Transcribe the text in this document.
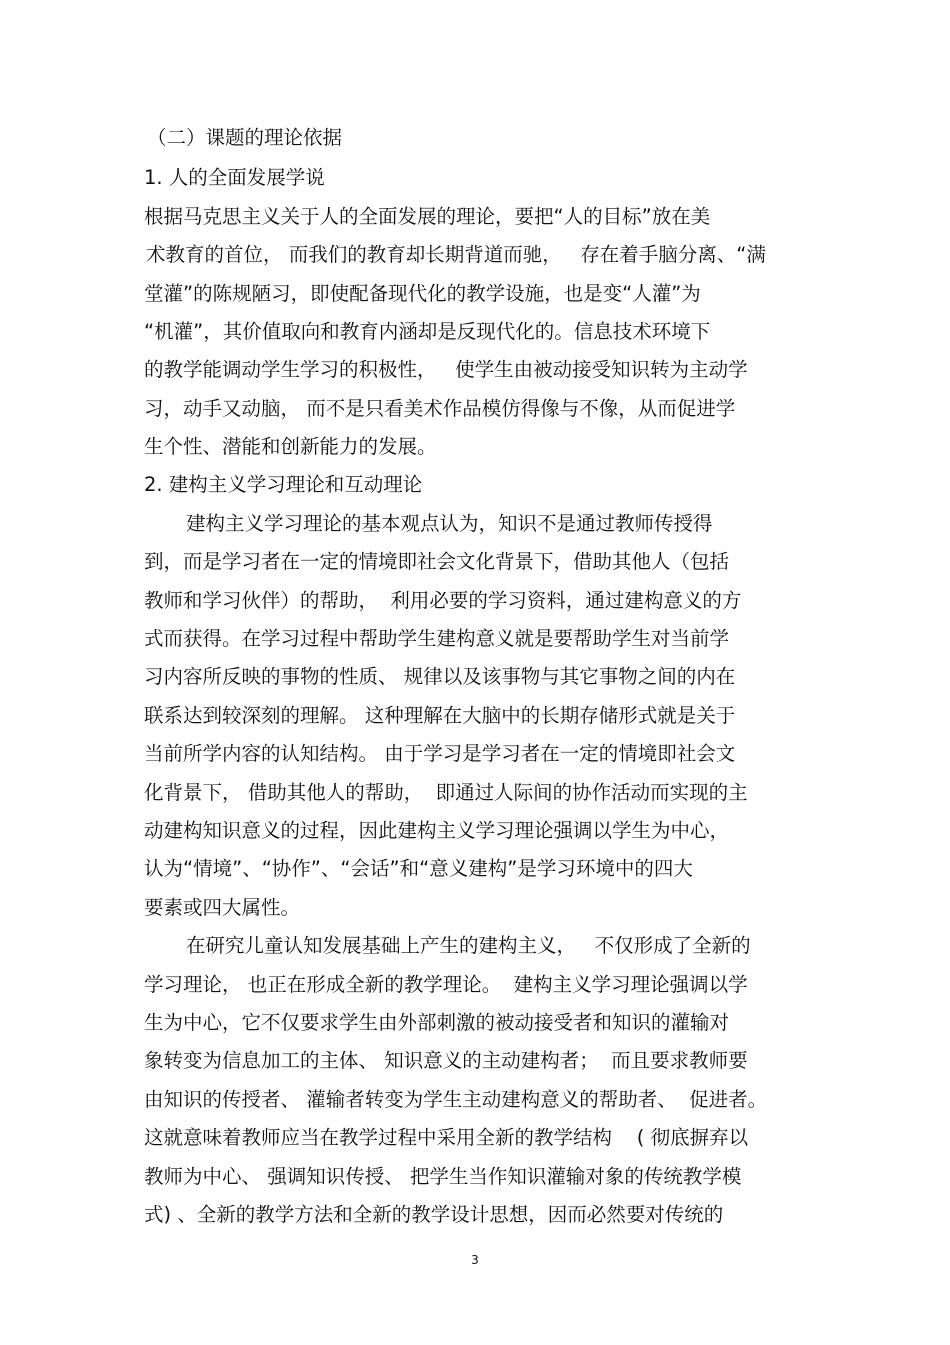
（二）课题的理论依据
1. 人的全面发展学说
根据马克思主义关于人的全面发展的理论，要把“人的目标”放在美
术教育的首位， 而我们的教育却长期背道而驰，   存在着手脑分离、“满
堂灌”的陈规陋习，即使配备现代化的教学设施，也是变“人灌”为
“机灌”，其价值取向和教育内涵却是反现代化的。信息技术环境下
的教学能调动学生学习的积极性，   使学生由被动接受知识转为主动学
习，动手又动脑， 而不是只看美术作品模仿得像与不像，从而促进学
生个性、潜能和创新能力的发展。
2. 建构主义学习理论和互动理论
建构主义学习理论的基本观点认为，知识不是通过教师传授得
到，而是学习者在一定的情境即社会文化背景下，借助其他人（包括
教师和学习伙伴）的帮助，  利用必要的学习资料，通过建构意义的方
式而获得。在学习过程中帮助学生建构意义就是要帮助学生对当前学
习内容所反映的事物的性质、 规律以及该事物与其它事物之间的内在
联系达到较深刻的理解。 这种理解在大脑中的长期存储形式就是关于
当前所学内容的认知结构。 由于学习是学习者在一定的情境即社会文
化背景下， 借助其他人的帮助，  即通过人际间的协作活动而实现的主
动建构知识意义的过程，因此建构主义学习理论强调以学生为中心，
认为“情境”、“协作”、“会话”和“意义建构”是学习环境中的四大
要素或四大属性。
在研究儿童认知发展基础上产生的建构主义，   不仅形成了全新的
学习理论， 也正在形成全新的教学理论。  建构主义学习理论强调以学
生为中心，它不仅要求学生由外部刺激的被动接受者和知识的灌输对
象转变为信息加工的主体、 知识意义的主动建构者；  而且要求教师要
由知识的传授者、 灌输者转变为学生主动建构意义的帮助者、  促进者。
这就意味着教师应当在教学过程中采用全新的教学结构    ( 彻底摒弃以
教师为中心、 强调知识传授、 把学生当作知识灌输对象的传统教学模
式) 、全新的教学方法和全新的教学设计思想，因而必然要对传统的
3
